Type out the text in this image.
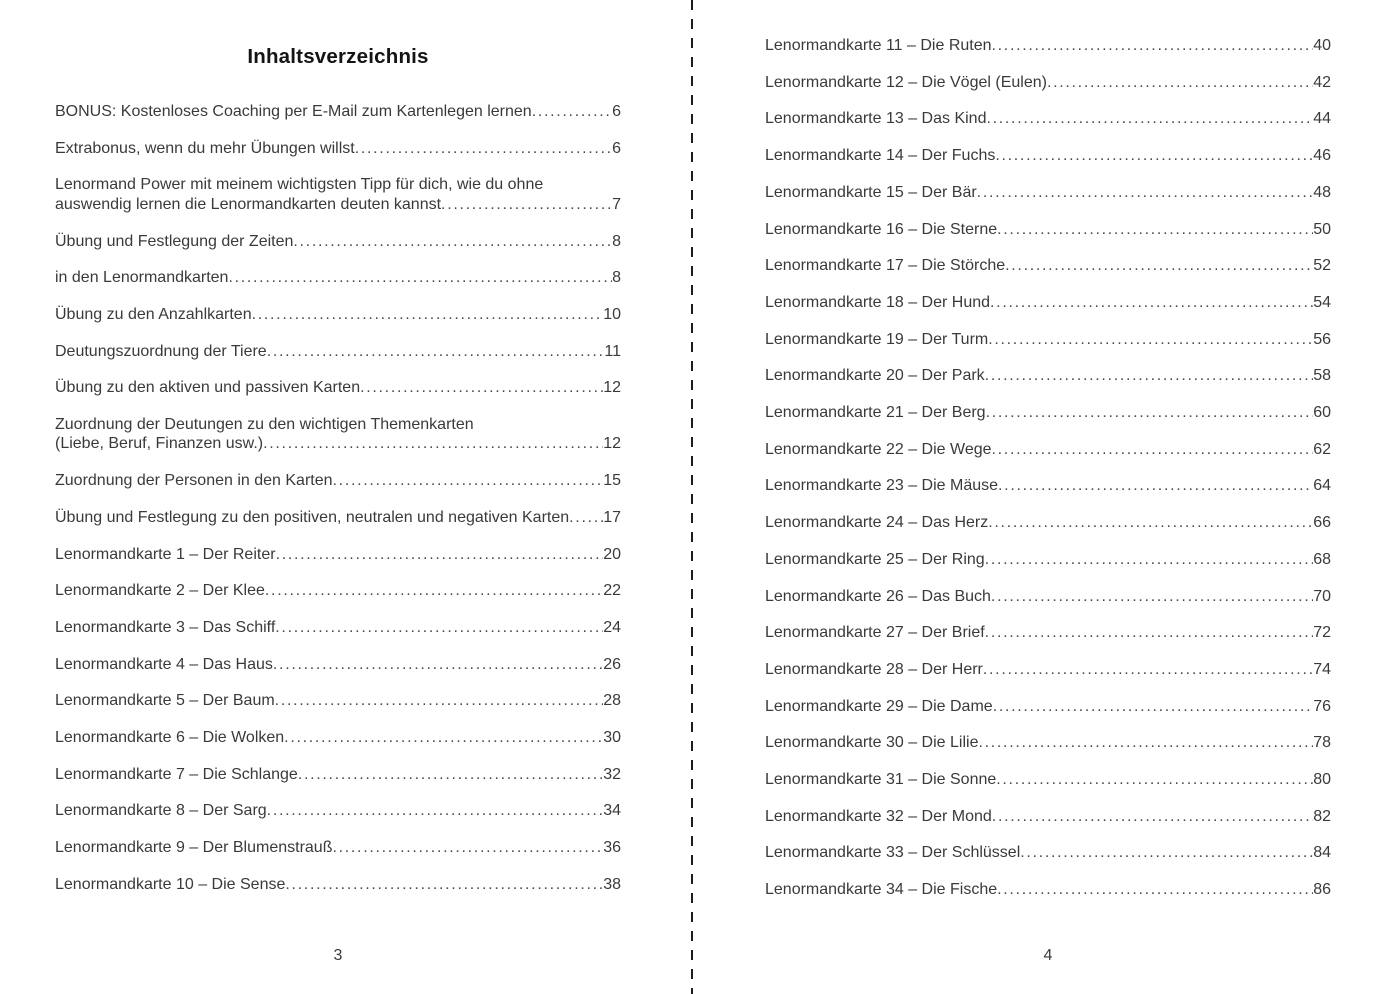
Inhaltsverzeichnis
BONUS: Kostenloses Coaching per E-Mail zum Kartenlegen lernen .....	6
Extrabonus, wenn du mehr Übungen willst .....	6
Lenormand Power mit meinem wichtigsten Tipp für dich, wie du ohne
auswendig lernen die Lenormandkarten deuten kannst .....	7
Übung und Festlegung der Zeiten .....	8
in den Lenormandkarten .....	8
Übung zu den Anzahlkarten .....	10
Deutungszuordnung der Tiere .....	11
Übung zu den aktiven und passiven Karten .....	12
Zuordnung der Deutungen zu den wichtigen Themenkarten
(Liebe, Beruf, Finanzen usw.) .....	12
Zuordnung der Personen in den Karten .....	15
Übung und Festlegung zu den positiven, neutralen und negativen Karten ..... 17
Lenormandkarte 1 – Der Reiter .....	20
Lenormandkarte 2 – Der Klee .....	22
Lenormandkarte 3 – Das Schiff .....	24
Lenormandkarte 4 – Das Haus .....	26
Lenormandkarte 5 – Der Baum .....	28
Lenormandkarte 6 – Die Wolken .....	30
Lenormandkarte 7 – Die Schlange .....	32
Lenormandkarte 8 – Der Sarg .....	34
Lenormandkarte 9 – Der Blumenstrauß .....	36
Lenormandkarte 10 – Die Sense .....	38
3
Lenormandkarte 11 – Die Ruten .....	40
Lenormandkarte 12 – Die Vögel (Eulen) .....	42
Lenormandkarte 13 – Das Kind .....	44
Lenormandkarte 14 – Der Fuchs .....	46
Lenormandkarte 15 – Der Bär .....	48
Lenormandkarte 16 – Die Sterne .....	50
Lenormandkarte 17 – Die Störche .....	52
Lenormandkarte 18 – Der Hund .....	54
Lenormandkarte 19 – Der Turm .....	56
Lenormandkarte 20 – Der Park .....	58
Lenormandkarte 21 – Der Berg .....	60
Lenormandkarte 22 – Die Wege .....	62
Lenormandkarte 23 – Die Mäuse .....	64
Lenormandkarte 24 – Das Herz .....	66
Lenormandkarte 25 – Der Ring .....	68
Lenormandkarte 26 – Das Buch .....	70
Lenormandkarte 27 – Der Brief .....	72
Lenormandkarte 28 – Der Herr .....	74
Lenormandkarte 29 – Die Dame .....	76
Lenormandkarte 30 – Die Lilie .....	78
Lenormandkarte 31 – Die Sonne .....	80
Lenormandkarte 32 – Der Mond .....	82
Lenormandkarte 33 – Der Schlüssel .....	84
Lenormandkarte 34 – Die Fische .....	86
4
